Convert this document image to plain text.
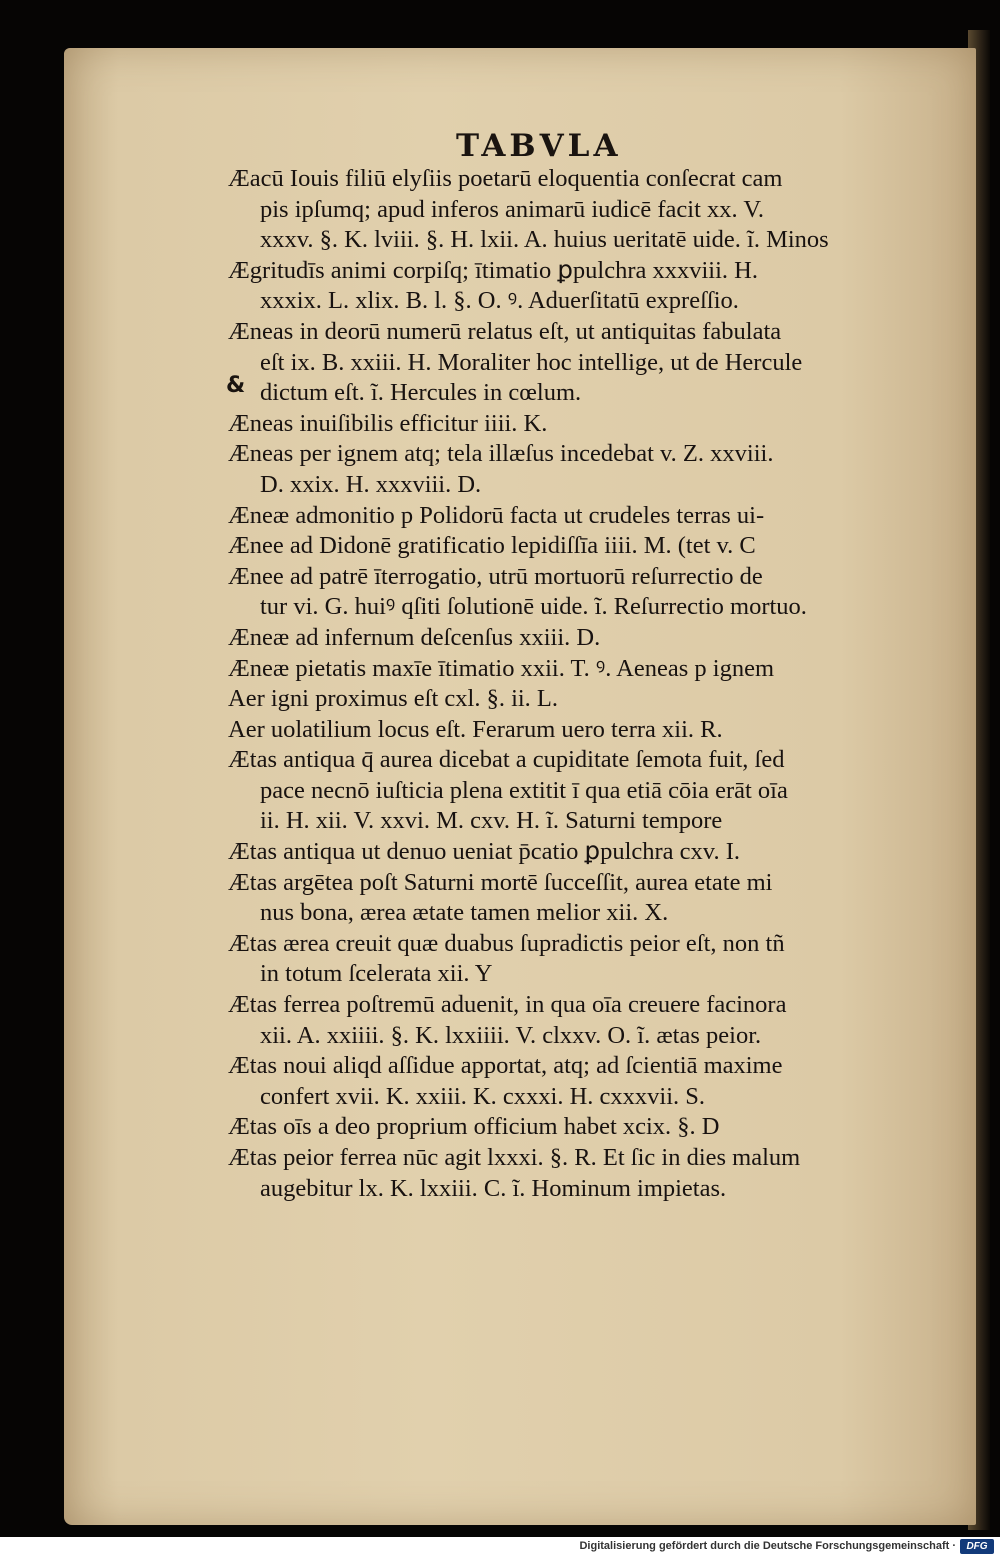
TABVLA
&
Æacū Iouis filiū elyſiis poetarū eloquentia conſecrat cam
pis ipſumq; apud inferos animarū iudicē facit xx. V.
xxxv. §. K. lviii. §. H. lxii. A. huius ueritatē uide. ĩ. Minos
Ægritudīs animi corpiſq; ītimatio ꝑpulchra xxxviii. H.
xxxix. L. xlix. B. l. §. O. ꝰ. Aduerſitatū expreſſio.
Æneas in deorū numerū relatus eſt, ut antiquitas fabulata
eſt ix. B. xxiii. H. Moraliter hoc intellige, ut de Hercule
dictum eſt. ĩ. Hercules in cœlum.
Æneas inuiſibilis efficitur iiii. K.
Æneas per ignem atq; tela illæſus incedebat v. Z. xxviii.
D. xxix. H. xxxviii. D.
Æneæ admonitio p Polidorū facta ut crudeles terras ui-
Ænee ad Didonē gratificatio lepidiſſīa iiii. M. (tet v. C
Ænee ad patrē īterrogatio, utrū mortuorū reſurrectio de
tur vi. G. huiꝰ qſiti ſolutionē uide. ĩ. Reſurrectio mortuo.
Æneæ ad infernum deſcenſus xxiii. D.
Æneæ pietatis maxīe ītimatio xxii. T. ꝰ. Aeneas p ignem
Aer igni proximus eſt cxl. §. ii. L.
Aer uolatilium locus eſt. Ferarum uero terra xii. R.
Ætas antiqua q̄ aurea dicebat a cupiditate ſemota fuit, ſed
pace necnō iuſticia plena extitit ī qua etiā cōia erāt oīa
ii. H. xii. V. xxvi. M. cxv. H. ĩ. Saturni tempore
Ætas antiqua ut denuo ueniat p̄catio ꝑpulchra cxv. I.
Ætas argētea poſt Saturni mortē ſucceſſit, aurea etate mi
nus bona, ærea ætate tamen melior xii. X.
Ætas ærea creuit quæ duabus ſupradictis peior eſt, non tñ
in totum ſcelerata xii. Y
Ætas ferrea poſtremū aduenit, in qua oīa creuere facinora
xii. A. xxiiii. §. K. lxxiiii. V. clxxv. O. ĩ. ætas peior.
Ætas noui aliqd aſſidue apportat, atq; ad ſcientiā maxime
confert xvii. K. xxiii. K. cxxxi. H. cxxxvii. S.
Ætas oīs a deo proprium officium habet xcix. §. D
Ætas peior ferrea nūc agit lxxxi. §. R. Et ſic in dies malum
augebitur lx. K. lxxiii. C. ĩ. Hominum impietas.
Digitalisierung gefördert durch die Deutsche Forschungsgemeinschaft ·	DFG
